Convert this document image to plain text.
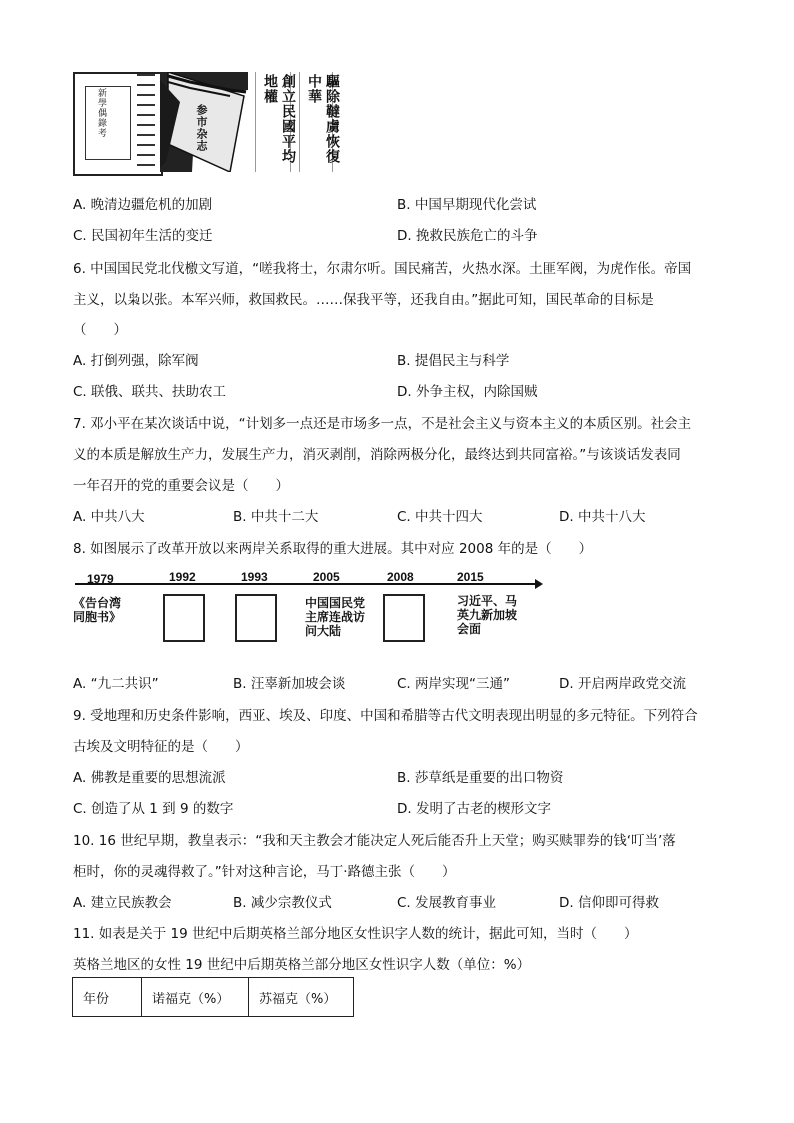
新學偶錄考	参市杂志	創立民國平均地權	驅除韃虜恢復中華
A. 晚清边疆危机的加剧	B. 中国早期现代化尝试
C. 民国初年生活的变迁	D. 挽救民族危亡的斗争
6. 中国国民党北伐檄文写道，“嗟我将士，尔肃尔听。国民痛苦，火热水深。土匪军阀，为虎作伥。帝国
主义，以枭以张。本军兴师，救国救民。……保我平等，还我自由。”据此可知，国民革命的目标是
（　　）
A. 打倒列强，除军阀	B. 提倡民主与科学
C. 联俄、联共、扶助农工	D. 外争主权，内除国贼
7. 邓小平在某次谈话中说，“计划多一点还是市场多一点，不是社会主义与资本主义的本质区别。社会主
义的本质是解放生产力，发展生产力，消灭剥削，消除两极分化，最终达到共同富裕。”与该谈话发表同
一年召开的党的重要会议是（　　）
A. 中共八大	B. 中共十二大	C. 中共十四大	D. 中共十八大
8. 如图展示了改革开放以来两岸关系取得的重大进展。其中对应 2008 年的是（　　）
1979	1992	1993	2005	2008	2015
《告台湾同胞书》
中国国民党主席连战访问大陆
习近平、马英九新加坡会面
A. “九二共识”	B. 汪辜新加坡会谈	C. 两岸实现“三通”	D. 开启两岸政党交流
9. 受地理和历史条件影响，西亚、埃及、印度、中国和希腊等古代文明表现出明显的多元特征。下列符合
古埃及文明特征的是（　　）
A. 佛教是重要的思想流派	B. 莎草纸是重要的出口物资
C. 创造了从 1 到 9 的数字	D. 发明了古老的楔形文字
10. 16 世纪早期，教皇表示：“我和天主教会才能决定人死后能否升上天堂；购买赎罪券的钱‘叮当’落
柜时，你的灵魂得救了。”针对这种言论，马丁·路德主张（　　）
A. 建立民族教会	B. 减少宗教仪式	C. 发展教育事业	D. 信仰即可得救
11. 如表是关于 19 世纪中后期英格兰部分地区女性识字人数的统计，据此可知，当时（　　）
英格兰地区的女性 19 世纪中后期英格兰部分地区女性识字人数（单位：%）
年份	诺福克（%）	苏福克（%）
